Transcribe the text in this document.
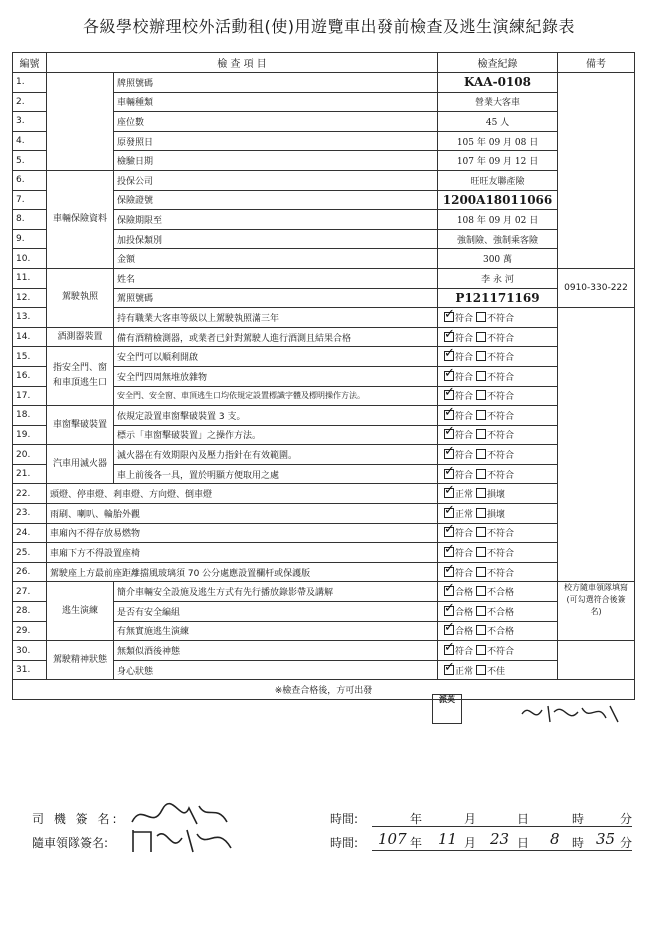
各級學校辦理校外活動租(使)用遊覽車出發前檢查及逃生演練紀錄表
編號	檢 查 項 目		檢查紀錄	備考
1.		牌照號碼	KAA-0108	
2.		車輛種類	營業大客車	
3.		座位數	45 人	
4.		原發照日	105 年 09 月 08 日	
5.		檢驗日期	107 年 09 月 12 日	
6.	車輛保險資料	投保公司	旺旺友聯產險	
7.		保險證號	1200A18011066	
8.		保險期限至	108 年 09 月 02 日	
9.		加投保類別	強制險、強制乘客險	
10.		金額	300 萬	
11.	駕駛執照	姓名	李 永 河	0910-330-222
12.		駕照號碼	P121171169	
13.		持有職業大客車等級以上駕駛執照滿三年	✓符合 不符合	
14.	酒測器裝置	備有酒精檢測器，或業者已針對駕駛人進行酒測且結果合格	✓符合 不符合
15.	指安全門、窗和車頂逃生口	安全門可以順利開啟	✓符合 不符合
16.		安全門四周無堆放雜物	✓符合 不符合
17.		安全門、安全窗、車頂逃生口均依規定設置標識字體及標明操作方法。	✓符合 不符合
18.	車窗擊破裝置	依規定設置車窗擊破裝置 3 支。	✓符合 不符合
19.		標示「車窗擊破裝置」之操作方法。	✓符合 不符合
20.	汽車用滅火器	滅火器在有效期限內及壓力指針在有效範圍。	✓符合 不符合
21.		車上前後各一具，置於明顯方便取用之處	✓符合 不符合
22.	頭燈、停車燈、剎車燈、方向燈、倒車燈	✓正常 損壞
23.	雨刷、喇叭、輪胎外觀	✓正常 損壞
24.	車廂內不得存放易燃物	✓符合 不符合
25.	車廂下方不得設置座椅	✓符合 不符合
26.	駕駛座上方最前座距離擋風玻璃須 70 公分處應設置欄杆或保護版	✓符合 不符合
27.	逃生演練	簡介車輛安全設施及逃生方式有先行播放錄影帶及講解	✓合格 不合格	校方隨車領隊填寫(可勾選符合後簽名)
28.		是否有安全編組	✓合格 不合格
29.		有無實施逃生演練	✓合格 不合格
30.	駕駛精神狀態	無類似酒後神態	✓符合 不符合	
31.		身心狀態	✓正常 不佳
※檢查合格後，方可出發				
司 機 簽 名:	時間:	年	月	日	時	分
隨車領隊簽名:	時間: 107 年 11 月 23 日 8 時 35 分
派英
